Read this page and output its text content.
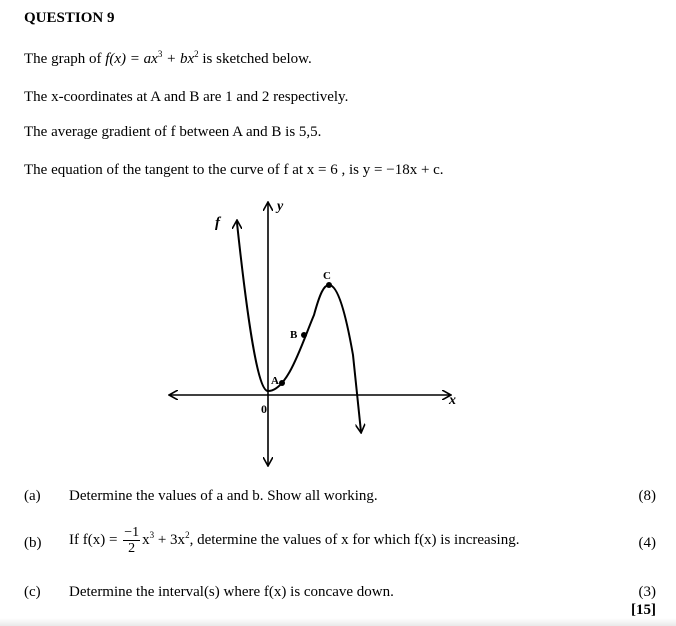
QUESTION 9
The graph of $f(x) = ax^3 + bx^2$ is sketched below.
The x-coordinates at A and B are 1 and 2 respectively.
The average gradient of f between A and B is 5,5.
The equation of the tangent to the curve of f at x = 6 , is y = −18x + c.
f
y
x
0
A
B
C
(a) Determine the values of a and b. Show all working.	(8)
(b) If $f(x) = \frac{-1}{2} x^3 + 3x^2$, determine the values of x for which f(x) is increasing.	(4)
(c) Determine the interval(s) where f(x) is concave down.	(3)
[15]
